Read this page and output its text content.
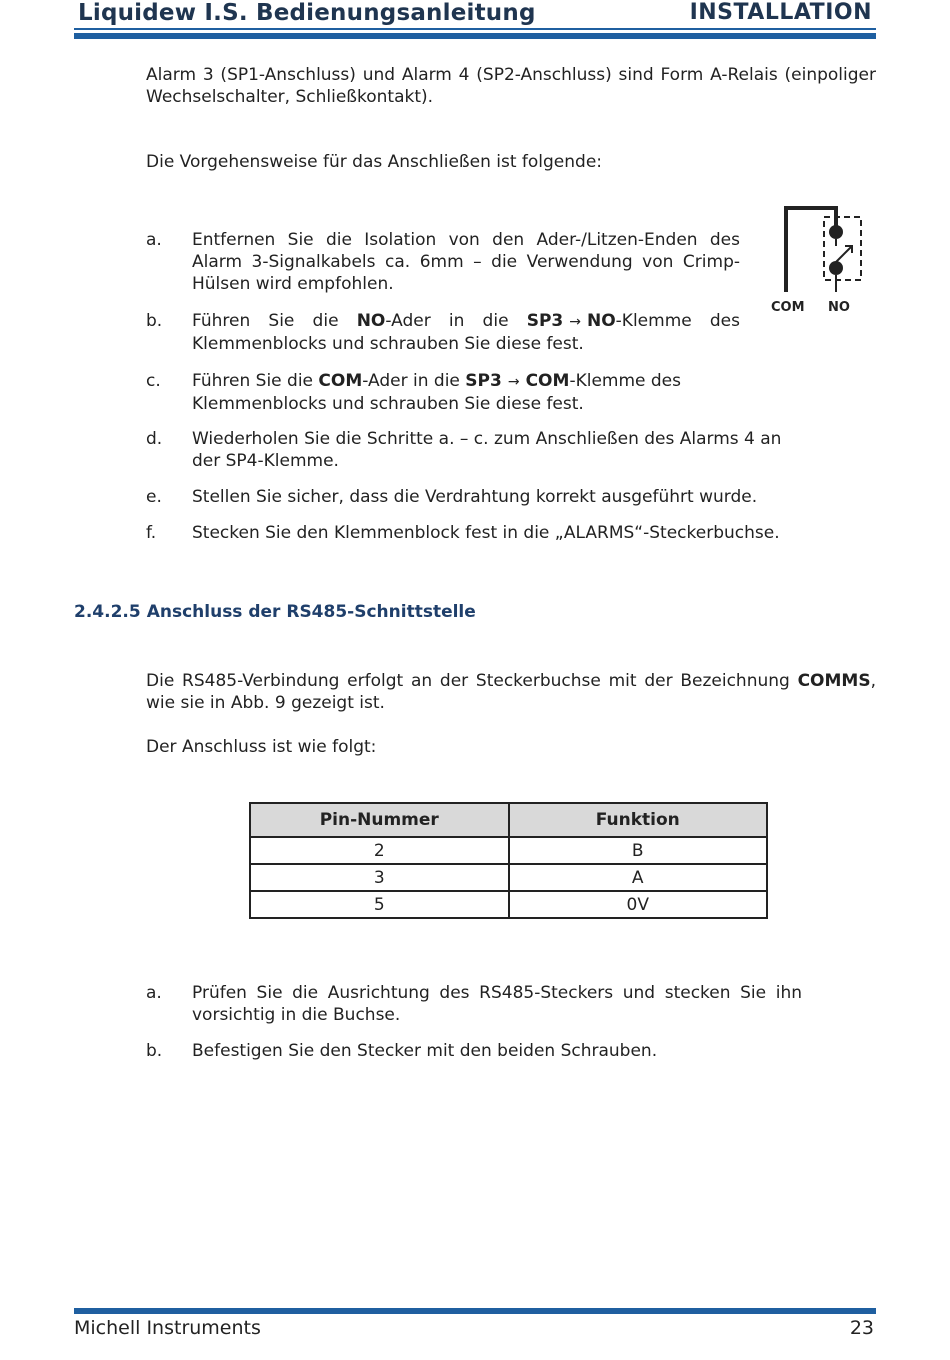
Liquidew I.S. Bedienungsanleitung	INSTALLATION
Alarm 3 (SP1-Anschluss) und Alarm 4 (SP2-Anschluss) sind Form A-Relais (einpoliger Wechselschalter, Schließkontakt).
Die Vorgehensweise für das Anschließen ist folgende:
a. Entfernen Sie die Isolation von den Ader-/Litzen-Enden des Alarm 3-Signalkabels ca. 6mm – die Verwendung von Crimp-Hülsen wird empfohlen.
b. Führen Sie die NO-Ader in die SP3 → NO-Klemme des Klemmenblocks und schrauben Sie diese fest.
COM NO
c. Führen Sie die COM-Ader in die SP3 → COM-Klemme des Klemmenblocks und schrauben Sie diese fest.
d. Wiederholen Sie die Schritte a. – c. zum Anschließen des Alarms 4 an der SP4-Klemme.
e. Stellen Sie sicher, dass die Verdrahtung korrekt ausgeführt wurde.
f. Stecken Sie den Klemmenblock fest in die „ALARMS“-Steckerbuchse.
2.4.2.5 Anschluss der RS485-Schnittstelle
Die RS485-Verbindung erfolgt an der Steckerbuchse mit der Bezeichnung COMMS, wie sie in Abb. 9 gezeigt ist.
Der Anschluss ist wie folgt:
Pin-Nummer	Funktion
2	B
3	A
5	0V
a. Prüfen Sie die Ausrichtung des RS485-Steckers und stecken Sie ihn vorsichtig in die Buchse.
b. Befestigen Sie den Stecker mit den beiden Schrauben.
Michell Instruments	23
